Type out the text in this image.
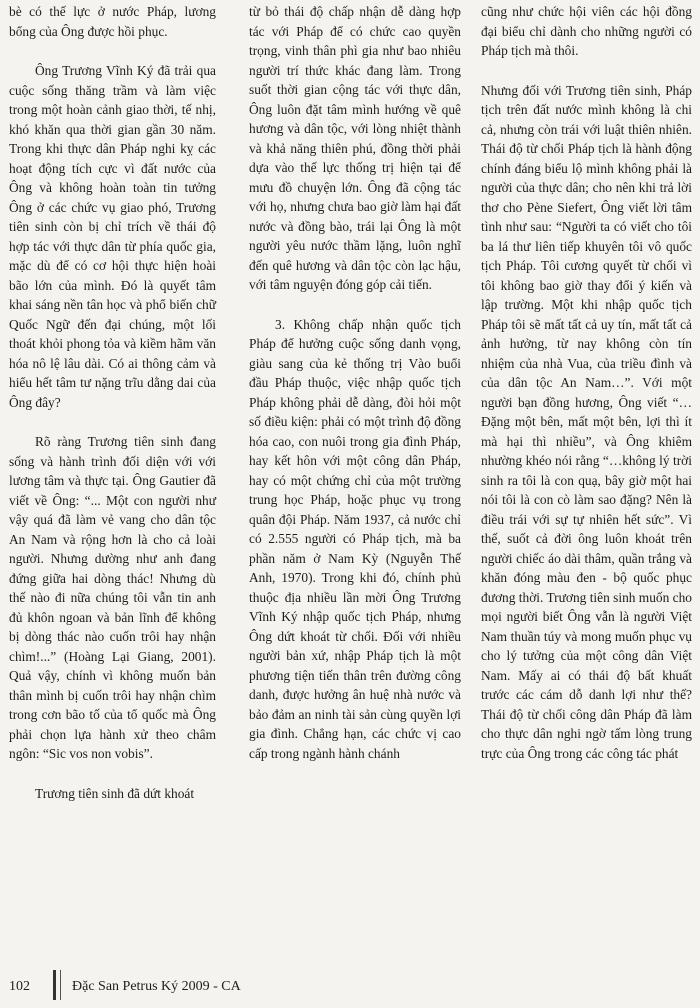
bè có thế lực ở nước Pháp, lương bổng của Ông được hồi phục.

Ông Trương Vĩnh Ký đã trải qua cuộc sống thăng trầm và làm việc trong một hoàn cảnh giao thời, tế nhị, khó khăn qua thời gian gần 30 năm. Trong khi thực dân Pháp nghi kỵ các hoạt động tích cực vì đất nước của Ông và không hoàn toàn tin tưởng Ông ở các chức vụ giao phó, Trương tiên sinh còn bị chỉ trích về thái độ hợp tác với thực dân từ phía quốc gia, mặc dù để có cơ hội thực hiện hoài bão lớn của mình. Đó là quyết tâm khai sáng nền tân học và phổ biến chữ Quốc Ngữ đến đại chúng, một lối thoát khỏi phong tỏa và kiềm hãm văn hóa nô lệ lâu dài. Có ai thông cảm và hiểu hết tâm tư nặng trĩu dằng dai của Ông đây?

Rõ ràng Trương tiên sinh đang sống và hành trình đối diện với với lương tâm và thực tại. Ông Gautier đã viết về Ông: “... Một con người như vậy quá đã làm vẻ vang cho dân tộc An Nam và rộng hơn là cho cả loài người. Nhưng dường như anh đang đứng giữa hai dòng thác! Nhưng dù thế nào đi nữa chúng tôi vẫn tin anh đủ khôn ngoan và bản lĩnh để không bị dòng thác nào cuốn trôi hay nhận chìm!...” (Hoàng Lại Giang, 2001). Quả vậy, chính vì không muốn bản thân mình bị cuốn trôi hay nhận chìm trong cơn bão tố của tổ quốc mà Ông phải chọn lựa hành xử theo châm ngôn: “Sic vos non vobis”.

Trương tiên sinh đã dứt khoát

từ bỏ thái độ chấp nhận dễ dàng hợp tác với Pháp để có chức cao quyền trọng, vinh thân phì gia như bao nhiêu người trí thức khác đang làm. Trong suốt thời gian cộng tác với thực dân, Ông luôn đặt tâm mình hướng về quê hương và dân tộc, với lòng nhiệt thành và khả năng thiên phú, đồng thời phải dựa vào thế lực thống trị hiện tại để mưu đồ chuyện lớn. Ông đã cộng tác với họ, nhưng chưa bao giờ làm hại đất nước và đồng bào, trái lại Ông là một người yêu nước thầm lặng, luôn nghĩ đến quê hương và dân tộc còn lạc hậu, với tâm nguyện đóng góp cải tiến.

3. Không chấp nhận quốc tịch Pháp để hưởng cuộc sống danh vọng, giàu sang của kẻ thống trị Vào buổi đầu Pháp thuộc, việc nhập quốc tịch Pháp không phải dễ dàng, đòi hỏi một số điều kiện: phải có một trình độ đồng hóa cao, con nuôi trong gia đình Pháp, hay kết hôn với một công dân Pháp, hay có một chứng chỉ của một trường trung học Pháp, hoặc phục vụ trong quân đội Pháp. Năm 1937, cả nước chỉ có 2.555 người có Pháp tịch, mà ba phần năm ở Nam Kỳ (Nguyễn Thế Anh, 1970). Trong khi đó, chính phủ thuộc địa nhiều lần mời Ông Trương Vĩnh Ký nhập quốc tịch Pháp, nhưng Ông dứt khoát từ chối. Đối với nhiều người bản xứ, nhập Pháp tịch là một phương tiện tiến thân trên đường công danh, được hưởng ân huệ nhà nước và bảo đảm an ninh tài sản cùng quyền lợi gia đình. Chẳng hạn, các chức vị cao cấp trong ngành hành chánh

cũng như chức hội viên các hội đồng đại biểu chỉ dành cho những người có Pháp tịch mà thôi.

Nhưng đối với Trương tiên sinh, Pháp tịch trên đất nước mình không là chi cả, nhưng còn trái với luật thiên nhiên. Thái độ từ chối Pháp tịch là hành động chính đáng biểu lộ mình không phải là người của thực dân; cho nên khi trả lời thơ cho Pène Siefert, Ông viết lời tâm tình như sau: “Người ta có viết cho tôi ba lá thư liên tiếp khuyên tôi vô quốc tịch Pháp. Tôi cương quyết từ chối vì tôi không bao giờ thay đổi ý kiến và lập trường. Một khi nhập quốc tịch Pháp tôi sẽ mất tất cả uy tín, mất tất cả ảnh hưởng, từ nay không còn tín nhiệm của nhà Vua, của triều đình và của dân tộc An Nam…”. Với một người bạn đồng hương, Ông viết “…Đặng một bên, mất một bên, lợi thì ít mà hại thì nhiều”, và Ông khiêm nhường khéo nói rằng “…không lý trời sinh ra tôi là con quạ, bây giờ một hai nói tôi là con cò làm sao đặng? Nên là điều trái với sự tự nhiên hết sức”. Vì thế, suốt cả đời ông luôn khoát trên người chiếc áo dài thâm, quần trắng và khăn đóng màu đen - bộ quốc phục đương thời. Trương tiên sinh muốn cho mọi người biết Ông vẫn là người Việt Nam thuần túy và mong muốn phục vụ cho lý tưởng của một công dân Việt Nam. Mấy ai có thái độ bất khuất trước các cám dỗ danh lợi như thế? Thái độ từ chối công dân Pháp đã làm cho thực dân nghi ngờ tấm lòng trung trực của Ông trong các công tác phát

102	Đặc San Petrus Ký 2009 - CA
